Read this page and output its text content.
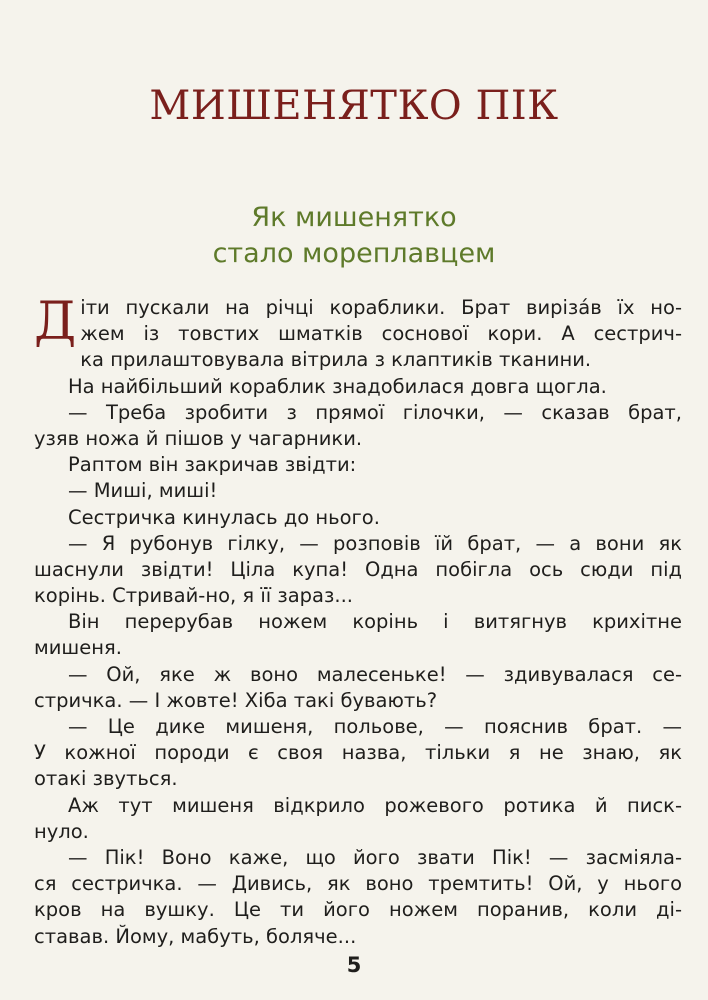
МИШЕНЯТКО ПІК
Як мишенятко
стало мореплавцем
Д іти пускали на річці кораблики. Брат вирізáв їх но-
жем із товстих шматків соснової кори. А сестрич-
ка прилаштовувала вітрила з клаптиків тканини.
На найбільший кораблик знадобилася довга щогла.
— Треба зробити з прямої гілочки, — сказав брат,
узяв ножа й пішов у чагарники.
Раптом він закричав звідти:
— Миші, миші!
Сестричка кинулась до нього.
— Я рубонув гілку, — розповів їй брат, — а вони як
шаснули звідти! Ціла купа! Одна побігла ось сюди під
корінь. Стривай-но, я її зараз...
Він перерубав ножем корінь і витягнув крихітне
мишеня.
— Ой, яке ж воно малесеньке! — здивувалася се-
стричка. — І жовте! Хіба такі бувають?
— Це дике мишеня, польове, — пояснив брат. —
У кожної породи є своя назва, тільки я не знаю, як
отакі звуться.
Аж тут мишеня відкрило рожевого ротика й писк-
нуло.
— Пік! Воно каже, що його звати Пік! — засміяла-
ся сестричка. — Дивись, як воно тремтить! Ой, у нього
кров на вушку. Це ти його ножем поранив, коли ді-
ставав. Йому, мабуть, боляче...
5
